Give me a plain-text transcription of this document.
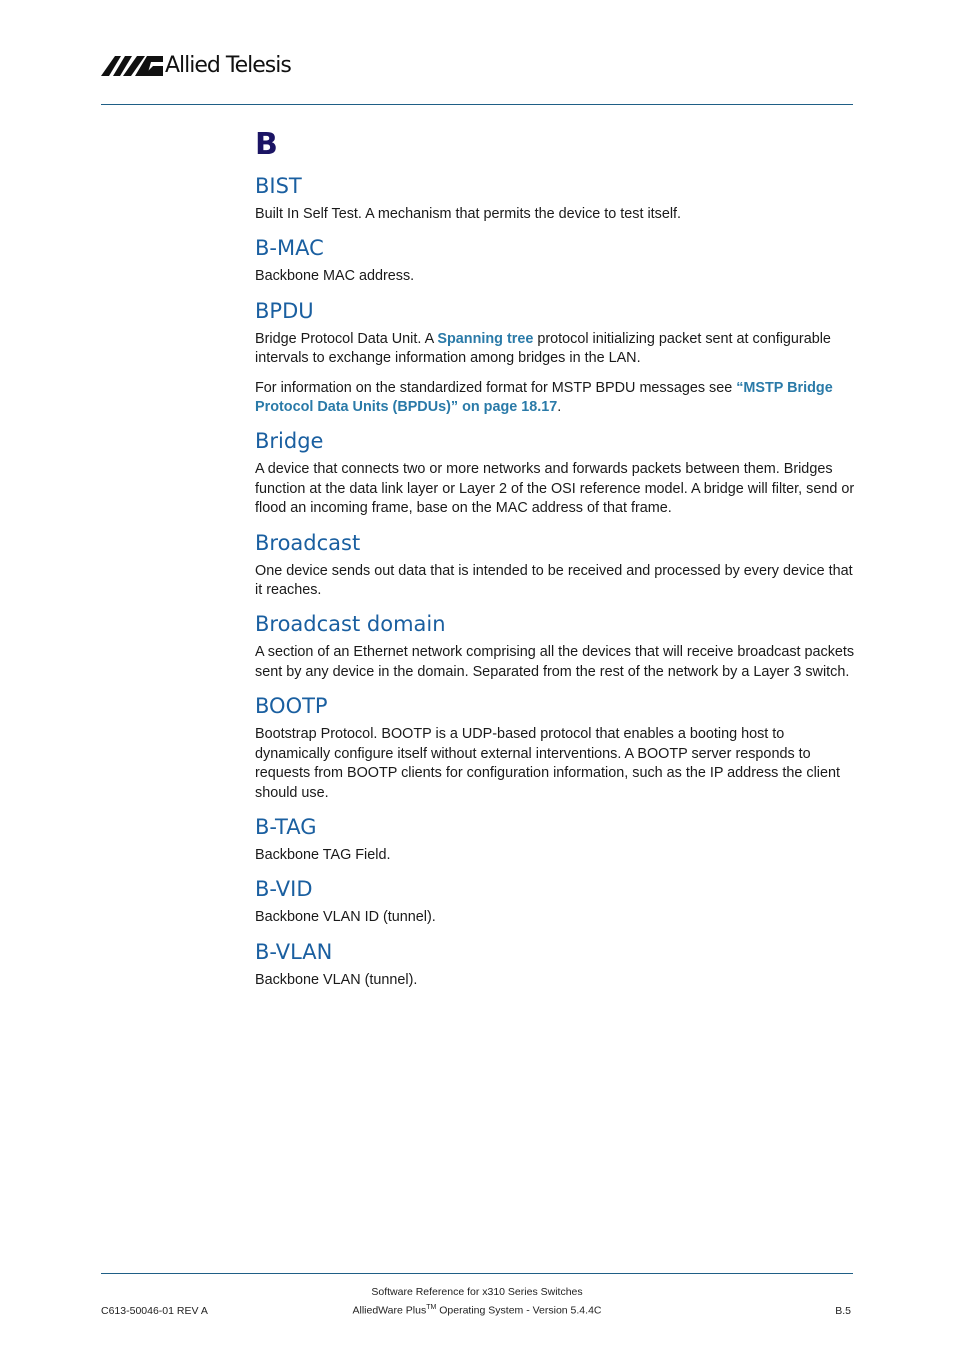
Allied Telesis
B
BIST

Built In Self Test. A mechanism that permits the device to test itself.

B-MAC

Backbone MAC address.

BPDU

Bridge Protocol Data Unit. A Spanning tree protocol initializing packet sent at configurable intervals to exchange information among bridges in the LAN.

For information on the standardized format for MSTP BPDU messages see “MSTP Bridge Protocol Data Units (BPDUs)” on page 18.17.

Bridge

A device that connects two or more networks and forwards packets between them. Bridges function at the data link layer or Layer 2 of the OSI reference model. A bridge will filter, send or flood an incoming frame, base on the MAC address of that frame.

Broadcast

One device sends out data that is intended to be received and processed by every device that it reaches.

Broadcast domain

A section of an Ethernet network comprising all the devices that will receive broadcast packets sent by any device in the domain. Separated from the rest of the network by a Layer 3 switch.

BOOTP

Bootstrap Protocol. BOOTP is a UDP-based protocol that enables a booting host to dynamically configure itself without external interventions. A BOOTP server responds to requests from BOOTP clients for configuration information, such as the IP address the client should use.

B-TAG

Backbone TAG Field.

B-VID

Backbone VLAN ID (tunnel).

B-VLAN

Backbone VLAN (tunnel).

Software Reference for x310 Series Switches
AlliedWare Plus™ Operating System - Version 5.4.4C
C613-50046-01 REV A	B.5
